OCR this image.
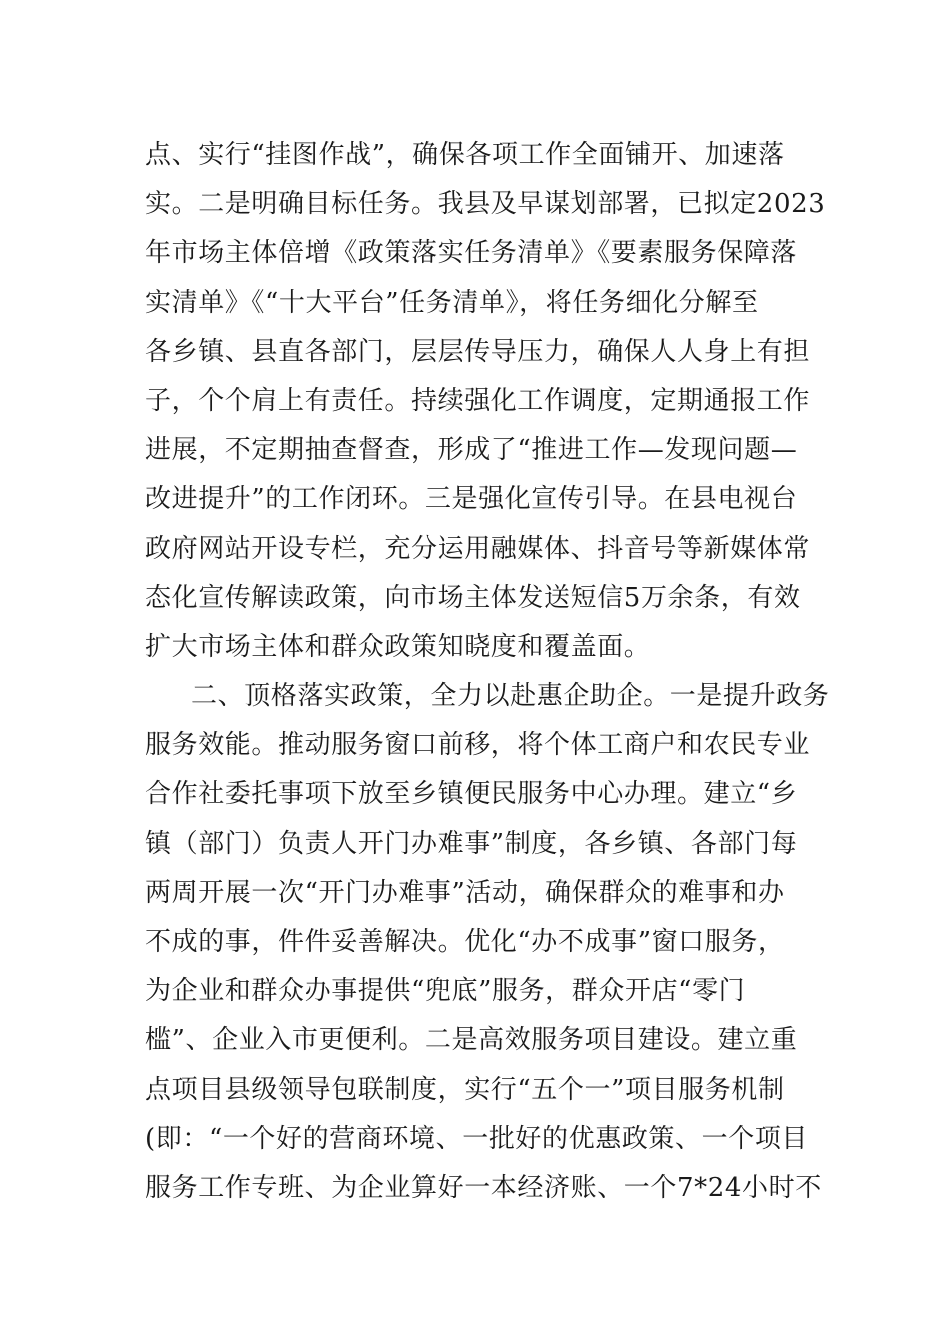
点、实行“挂图作战”，确保各项工作全面铺开、加速落
实。二是明确目标任务。我县及早谋划部署，已拟定2023
年市场主体倍增《政策落实任务清单》《要素服务保障落
实清单》《“十大平台”任务清单》，将任务细化分解至
各乡镇、县直各部门，层层传导压力，确保人人身上有担
子，个个肩上有责任。持续强化工作调度，定期通报工作
进展，不定期抽查督查，形成了“推进工作—发现问题—
改进提升”的工作闭环。三是强化宣传引导。在县电视台
政府网站开设专栏，充分运用融媒体、抖音号等新媒体常
态化宣传解读政策，向市场主体发送短信5万余条，有效
扩大市场主体和群众政策知晓度和覆盖面。
二、顶格落实政策，全力以赴惠企助企。一是提升政务
服务效能。推动服务窗口前移，将个体工商户和农民专业
合作社委托事项下放至乡镇便民服务中心办理。建立“乡
镇（部门）负责人开门办难事”制度，各乡镇、各部门每
两周开展一次“开门办难事”活动，确保群众的难事和办
不成的事，件件妥善解决。优化“办不成事”窗口服务，
为企业和群众办事提供“兜底”服务，群众开店“零门
槛”、企业入市更便利。二是高效服务项目建设。建立重
点项目县级领导包联制度，实行“五个一”项目服务机制
(即：“一个好的营商环境、一批好的优惠政策、一个项目
服务工作专班、为企业算好一本经济账、一个7*24小时不
